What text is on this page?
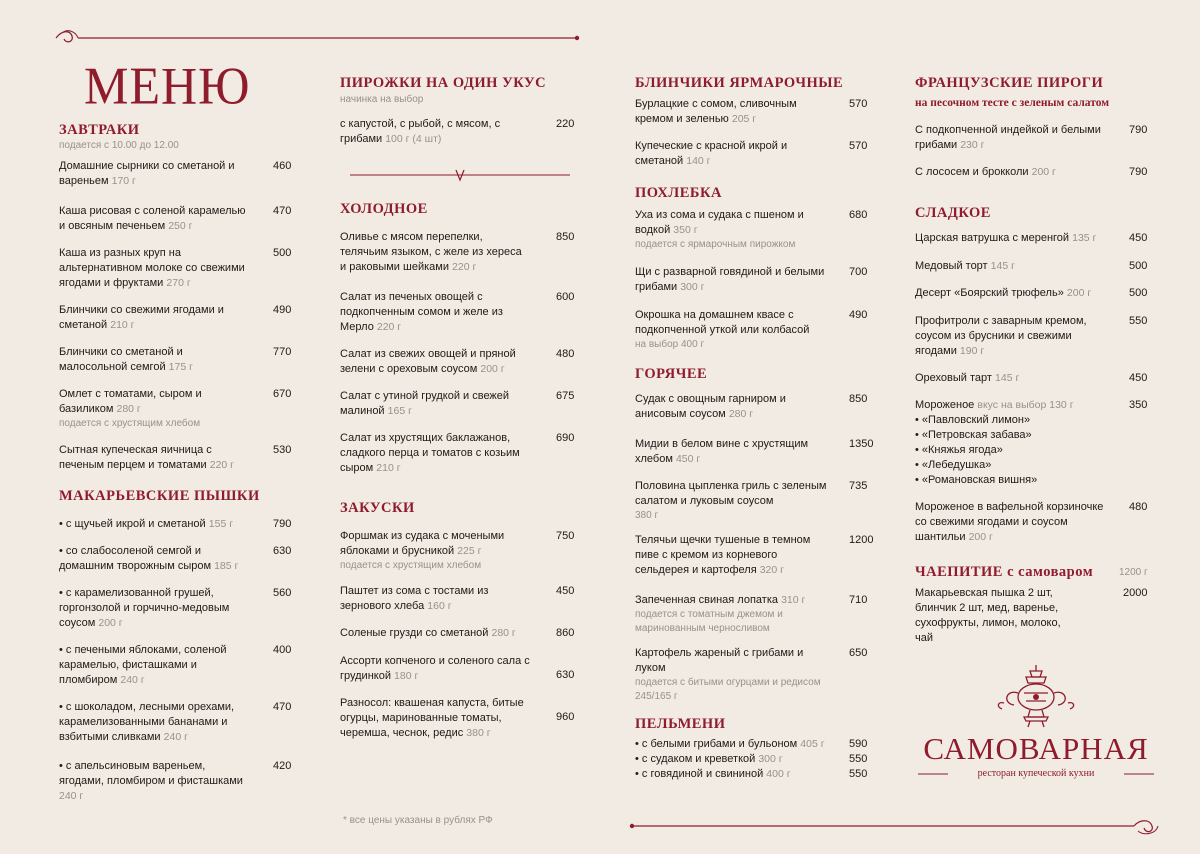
МЕНЮ
ЗАВТРАКИ
подается с 10.00 до 12.00
Домашние сырники со сметаной и вареньем 170 г
460
Каша рисовая с соленой карамелью и овсяным печеньем 250 г
470
Каша из разных круп на альтернативном молоке со свежими ягодами и фруктами 270 г
500
Блинчики со свежими ягодами и сметаной 210 г
490
Блинчики со сметаной и малосольной семгой 175 г
770
Омлет с томатами, сыром и базиликом 280 г
подается с хрустящим хлебом
670
Сытная купеческая яичница с печеным перцем и томатами 220 г
530
МАКАРЬЕВСКИЕ ПЫШКИ
• с щучьей икрой и сметаной 155 г	790
• со слабосоленой семгой и домашним творожным сыром 185 г
630
• с карамелизованной грушей, горгонзолой и горчично-медовым соусом 200 г
560
• с печеными яблоками, соленой карамелью, фисташками и пломбиром 240 г
400
• с шоколадом, лесными орехами, карамелизованными бананами и взбитыми сливками 240 г
470
• с апельсиновым вареньем, ягодами, пломбиром и фисташками 240 г
420
ПИРОЖКИ НА ОДИН УКУС
начинка на выбор
с капустой, с рыбой, с мясом, с грибами 100 г (4 шт)
220
ХОЛОДНОЕ
Оливье с мясом перепелки, телячьим языком, с желе из хереса и раковыми шейками 220 г
850
Салат из печеных овощей с подкопченным сомом и желе из Мерло 220 г
600
Салат из свежих овощей и пряной зелени с ореховым соусом 200 г
480
Салат с утиной грудкой и свежей малиной 165 г
675
Салат из хрустящих баклажанов, сладкого перца и томатов с козьим сыром 210 г
690
ЗАКУСКИ
Форшмак из судака с мочеными яблоками и брусникой 225 г
подается с хрустящим хлебом
750
Паштет из сома с тостами из зернового хлеба 160 г
450
Соленые грузди со сметаной 280 г	860
Ассорти копченого и соленого сала с грудинкой 180 г	630
Разносол: квашеная капуста, битые огурцы, маринованные томаты, черемша, чеснок, редис 380 г
960
* все цены указаны в рублях РФ
БЛИНЧИКИ ЯРМАРОЧНЫЕ
Бурлацкие с сомом, сливочным кремом и зеленью 205 г
570
Купеческие с красной икрой и сметаной 140 г
570
ПОХЛЕБКА
Уха из сома и судака с пшеном и водкой 350 г
подается с ярмарочным пирожком
680
Щи с разварной говядиной и белыми грибами 300 г
700
Окрошка на домашнем квасе с подкопченной уткой или колбасой
на выбор 400 г
490
ГОРЯЧЕЕ
Судак с овощным гарниром и анисовым соусом 280 г
850
Мидии в белом вине с хрустящим хлебом 450 г
1350
Половина цыпленка гриль с зеленым салатом и луковым соусом
380 г
735
Телячьи щечки тушеные в темном пиве с кремом из корневого сельдерея и картофеля 320 г
1200
Запеченная свиная лопатка 310 г
подается с томатным джемом и маринованным черносливом
710
Картофель жареный с грибами и луком
подается с битыми огурцами и редисом 245/165 г
650
ПЕЛЬМЕНИ
• с белыми грибами и бульоном 405 г 590
• с судаком и креветкой 300 г	550
• с говядиной и свининой 400 г	550
ФРАНЦУЗСКИЕ ПИРОГИ
на песочном тесте с зеленым салатом
С подкопченной индейкой и белыми грибами 230 г
790
С лососем и брокколи 200 г	790
СЛАДКОЕ
Царская ватрушка с меренгой 135 г	450
Медовый торт 145 г	500
Десерт «Боярский трюфель» 200 г	500
Профитроли с заварным кремом, соусом из брусники и свежими ягодами 190 г
550
Ореховый тарт 145 г	450
Мороженое вкус на выбор 130 г
• «Павловский лимон»
• «Петровская забава»
• «Княжья ягода»
• «Лебедушка»
• «Романовская вишня»
350
Мороженое в вафельной корзиночке со свежими ягодами и соусом шантильи 200 г
480
ЧАЕПИТИЕ с самоваром	1200 г
Макарьевская пышка 2 шт, блинчик 2 шт, мед, варенье, сухофрукты, лимон, молоко, чай
2000
САМОВАРНАЯ
ресторан купеческой кухни
